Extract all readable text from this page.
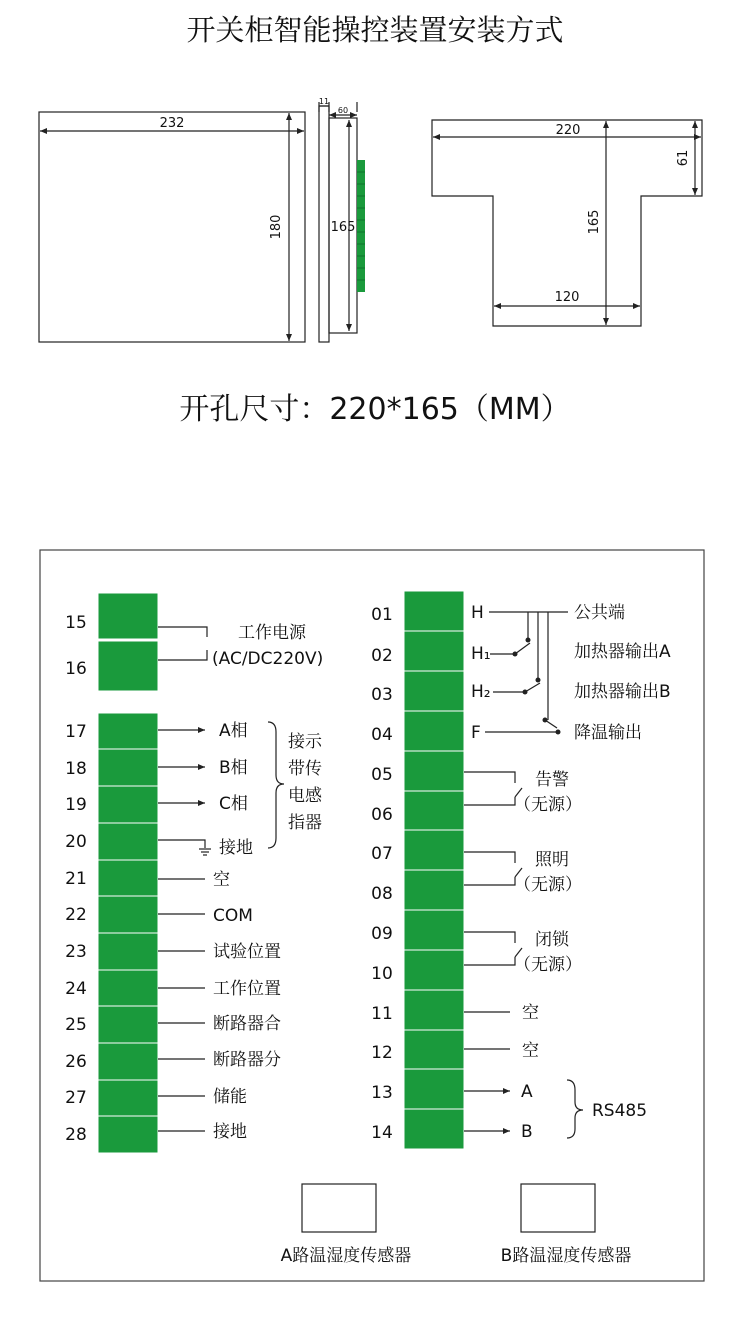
开关柜智能操控装置安装方式
开孔尺寸：220*165（MM）
232
180
11
60
165
220
61
165
120
15
16
17
18
19
20
21
22
23
24
25
26
27
28
工作电源
(AC/DC220V)
A相
B相
C相
接地
接示
带传
电感
指器
空
COM
试验位置
工作位置
断路器合
断路器分
储能
接地
01
02
03
04
05
06
07
08
09
10
11
12
13
14
H
H₁
H₂
F
公共端
加热器输出A
加热器输出B
降温输出
告警
（无源）
照明
（无源）
闭锁
（无源）
空
空
A
B
RS485
A路温湿度传感器	B路温湿度传感器
